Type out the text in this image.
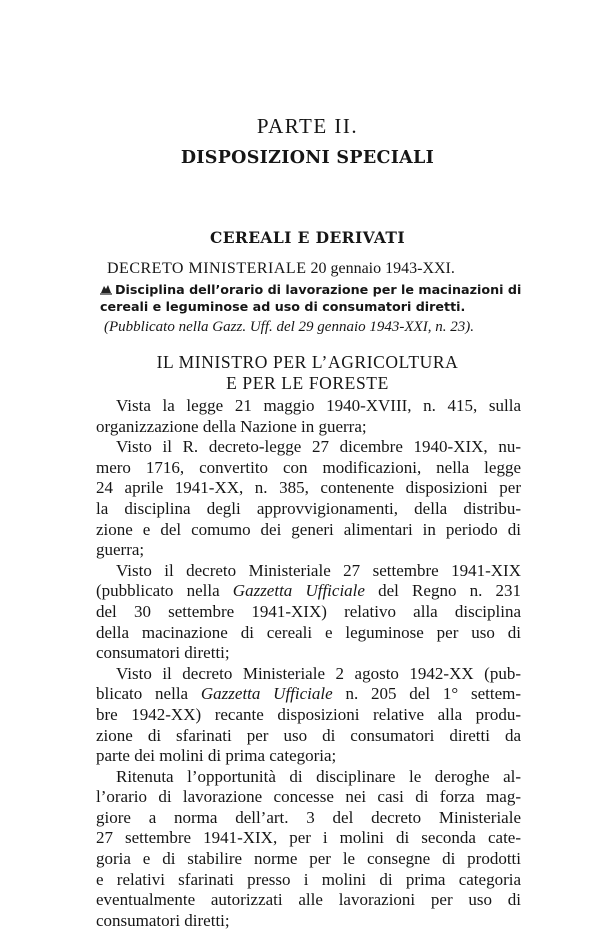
PARTE II.
DISPOSIZIONI SPECIALI
CEREALI E DERIVATI
DECRETO MINISTERIALE 20 gennaio 1943-XXI.
Disciplina dell’orario di lavorazione per le macinazioni di
cereali e leguminose ad uso di consumatori diretti.
(Pubblicato nella Gazz. Uff. del 29 gennaio 1943-XXI, n. 23).
IL MINISTRO PER L’AGRICOLTURA
E PER LE FORESTE
Vista la legge 21 maggio 1940-XVIII, n. 415, sulla
organizzazione della Nazione in guerra;
Visto il R. decreto-legge 27 dicembre 1940-XIX, nu-
mero 1716, convertito con modificazioni, nella legge
24 aprile 1941-XX, n. 385, contenente disposizioni per
la disciplina degli approvvigionamenti, della distribu-
zione e del comumo dei generi alimentari in periodo di
guerra;
Visto il decreto Ministeriale 27 settembre 1941-XIX
(pubblicato nella Gazzetta Ufficiale del Regno n. 231
del 30 settembre 1941-XIX) relativo alla disciplina
della macinazione di cereali e leguminose per uso di
consumatori diretti;
Visto il decreto Ministeriale 2 agosto 1942-XX (pub-
blicato nella Gazzetta Ufficiale n. 205 del 1° settem-
bre 1942-XX) recante disposizioni relative alla produ-
zione di sfarinati per uso di consumatori diretti da
parte dei molini di prima categoria;
Ritenuta l’opportunità di disciplinare le deroghe al-
l’orario di lavorazione concesse nei casi di forza mag-
giore a norma dell’art. 3 del decreto Ministeriale
27 settembre 1941-XIX, per i molini di seconda cate-
goria e di stabilire norme per le consegne di prodotti
e relativi sfarinati presso i molini di prima categoria
eventualmente autorizzati alle lavorazioni per uso di
consumatori diretti;
